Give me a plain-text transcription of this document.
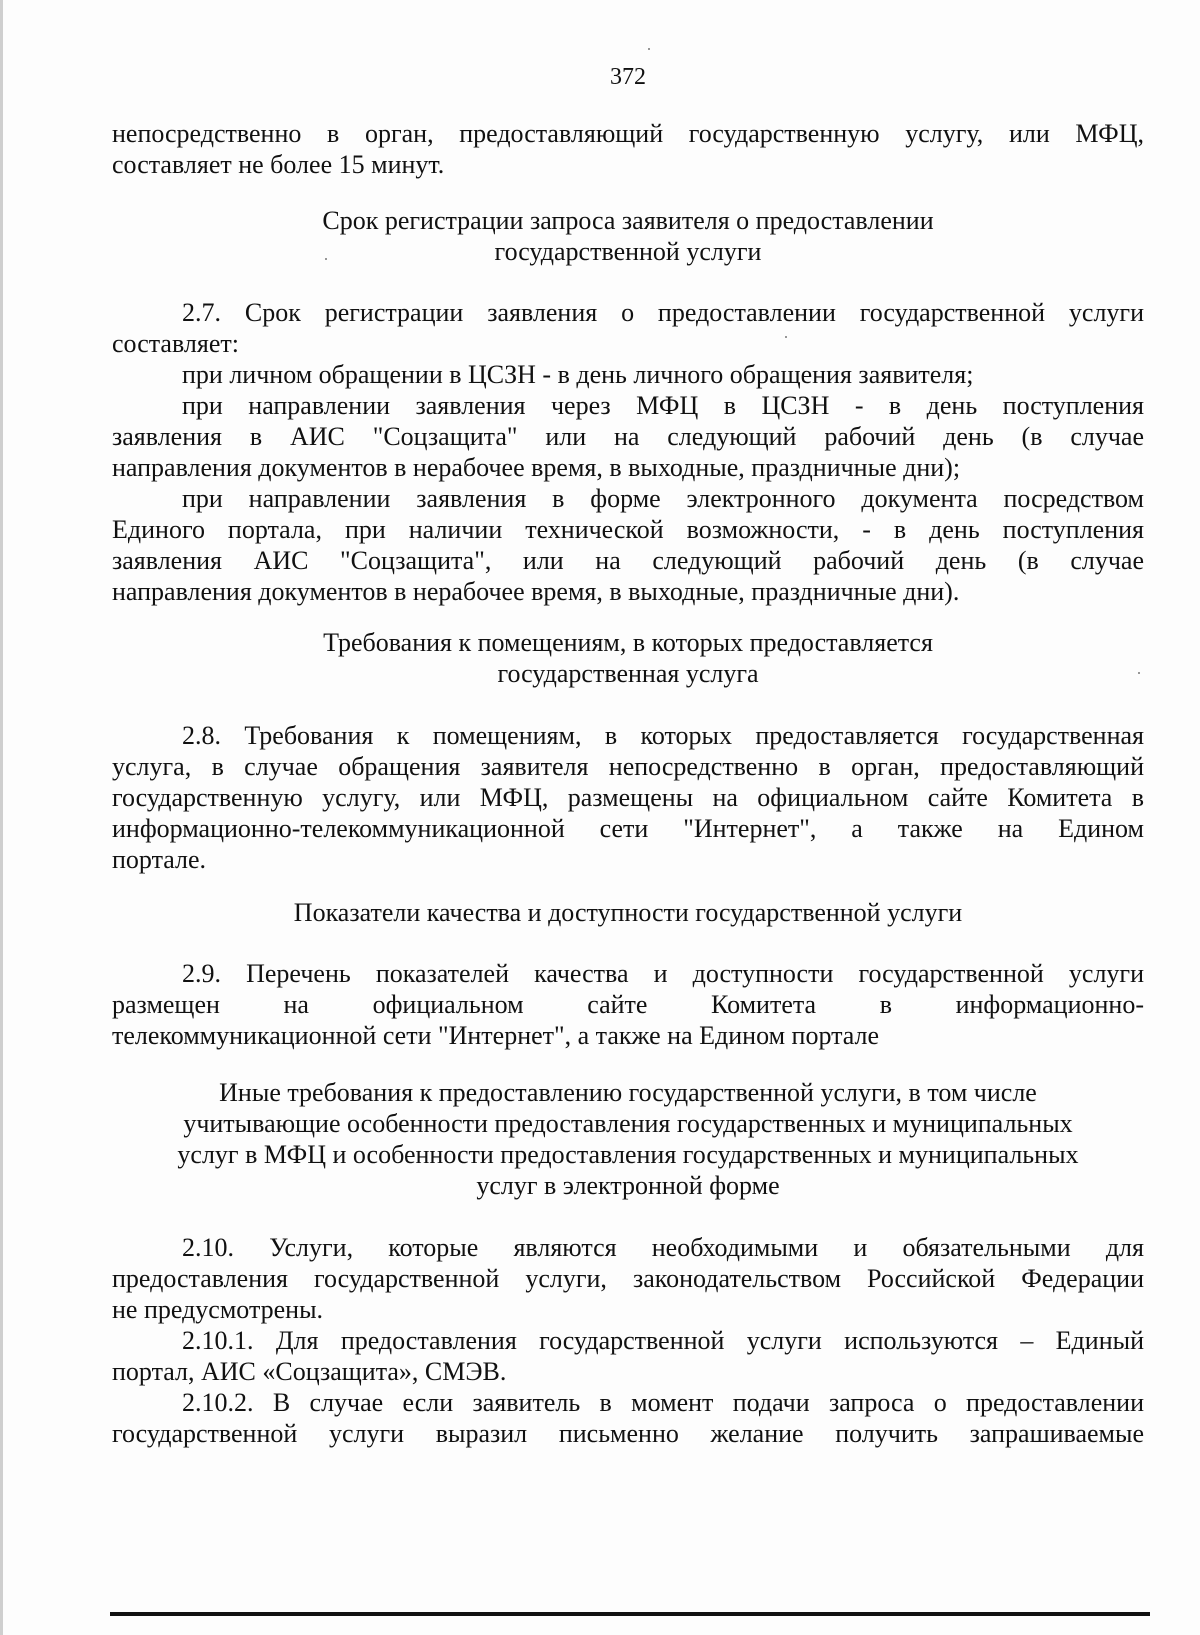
372
непосредственно в орган, предоставляющий государственную услугу, или МФЦ,
составляет не более 15 минут.
Срок регистрации запроса заявителя о предоставлении
государственной услуги
2.7. Срок регистрации заявления о предоставлении государственной услуги
составляет:
при личном обращении в ЦСЗН - в день личного обращения заявителя;
при направлении заявления через МФЦ в ЦСЗН - в день поступления
заявления в АИС "Соцзащита" или на следующий рабочий день (в случае
направления документов в нерабочее время, в выходные, праздничные дни);
при направлении заявления в форме электронного документа посредством
Единого портала, при наличии технической возможности, - в день поступления
заявления АИС "Соцзащита", или на следующий рабочий день (в случае
направления документов в нерабочее время, в выходные, праздничные дни).
Требования к помещениям, в которых предоставляется
государственная услуга
2.8. Требования к помещениям, в которых предоставляется государственная
услуга, в случае обращения заявителя непосредственно в орган, предоставляющий
государственную услугу, или МФЦ, размещены на официальном сайте Комитета в
информационно-телекоммуникационной сети "Интернет", а также на Едином
портале.
Показатели качества и доступности государственной услуги
2.9. Перечень показателей качества и доступности государственной услуги
размещен на официальном сайте Комитета в информационно-
телекоммуникационной сети "Интернет", а также на Едином портале
Иные требования к предоставлению государственной услуги, в том числе
учитывающие особенности предоставления государственных и муниципальных
услуг в МФЦ и особенности предоставления государственных и муниципальных
услуг в электронной форме
2.10. Услуги, которые являются необходимыми и обязательными для
предоставления государственной услуги, законодательством Российской Федерации
не предусмотрены.
2.10.1. Для предоставления государственной услуги используются – Единый
портал, АИС «Соцзащита», СМЭВ.
2.10.2. В случае если заявитель в момент подачи запроса о предоставлении
государственной услуги выразил письменно желание получить запрашиваемые
